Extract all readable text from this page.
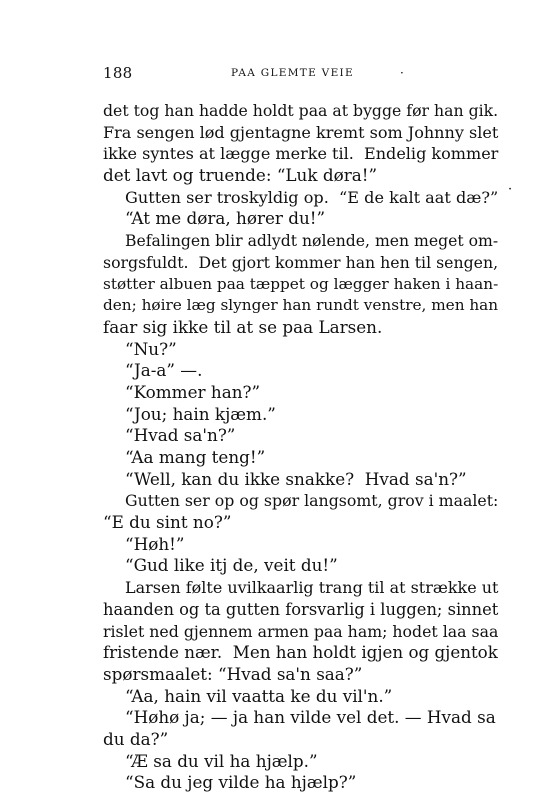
188	PAA GLEMTE VEIE	·
det tog han hadde holdt paa at bygge før han gik.
Fra sengen lød gjentagne kremt som Johnny slet
ikke syntes at lægge merke til.  Endelig kommer
det lavt og truende: “Luk døra!”
Gutten ser troskyldig op.  “E de kalt aat dæ?”
“At me døra, hører du!”
Befalingen blir adlydt nølende, men meget om-
sorgsfuldt.  Det gjort kommer han hen til sengen,
støtter albuen paa tæppet og lægger haken i haan-
den; høire læg slynger han rundt venstre, men han
faar sig ikke til at se paa Larsen.
“Nu?”
“Ja-a” —.
“Kommer han?”
“Jou; hain kjæm.”
“Hvad sa'n?”
“Aa mang teng!”
“Well, kan du ikke snakke?  Hvad sa'n?”
Gutten ser op og spør langsomt, grov i maalet:
“E du sint no?”
“Høh!”
“Gud like itj de, veit du!”
Larsen følte uvilkaarlig trang til at strække ut
haanden og ta gutten forsvarlig i luggen; sinnet
rislet ned gjennem armen paa ham; hodet laa saa
fristende nær.  Men han holdt igjen og gjentok
spørsmaalet: “Hvad sa'n saa?”
“Aa, hain vil vaatta ke du vil'n.”
“Høhø ja; — ja han vilde vel det. — Hvad sa
du da?”
“Æ sa du vil ha hjælp.”
“Sa du jeg vilde ha hjælp?”
·
